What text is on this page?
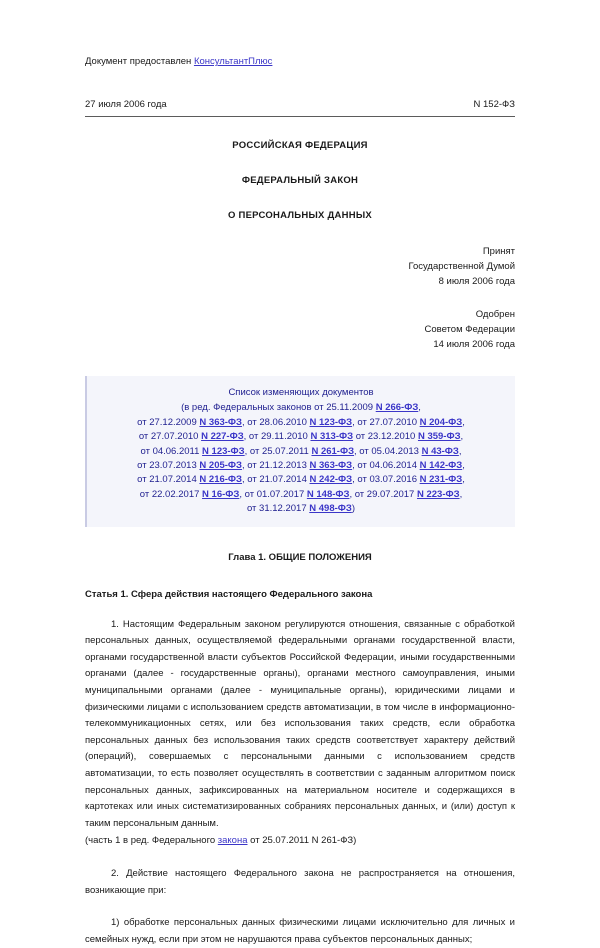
Документ предоставлен КонсультантПлюс
27 июля 2006 года	N 152-ФЗ
РОССИЙСКАЯ ФЕДЕРАЦИЯ
ФЕДЕРАЛЬНЫЙ ЗАКОН
О ПЕРСОНАЛЬНЫХ ДАННЫХ
Принят
Государственной Думой
8 июля 2006 года
Одобрен
Советом Федерации
14 июля 2006 года
Список изменяющих документов
(в ред. Федеральных законов от 25.11.2009 N 266-ФЗ,
от 27.12.2009 N 363-ФЗ, от 28.06.2010 N 123-ФЗ, от 27.07.2010 N 204-ФЗ,
от 27.07.2010 N 227-ФЗ, от 29.11.2010 N 313-ФЗ от 23.12.2010 N 359-ФЗ,
от 04.06.2011 N 123-ФЗ, от 25.07.2011 N 261-ФЗ, от 05.04.2013 N 43-ФЗ,
от 23.07.2013 N 205-ФЗ, от 21.12.2013 N 363-ФЗ, от 04.06.2014 N 142-ФЗ,
от 21.07.2014 N 216-ФЗ, от 21.07.2014 N 242-ФЗ, от 03.07.2016 N 231-ФЗ,
от 22.02.2017 N 16-ФЗ, от 01.07.2017 N 148-ФЗ, от 29.07.2017 N 223-ФЗ,
от 31.12.2017 N 498-ФЗ)
Глава 1. ОБЩИЕ ПОЛОЖЕНИЯ
Статья 1. Сфера действия настоящего Федерального закона
1. Настоящим Федеральным законом регулируются отношения, связанные с обработкой персональных данных, осуществляемой федеральными органами государственной власти, органами государственной власти субъектов Российской Федерации, иными государственными органами (далее - государственные органы), органами местного самоуправления, иными муниципальными органами (далее - муниципальные органы), юридическими лицами и физическими лицами с использованием средств автоматизации, в том числе в информационно-телекоммуникационных сетях, или без использования таких средств, если обработка персональных данных без использования таких средств соответствует характеру действий (операций), совершаемых с персональными данными с использованием средств автоматизации, то есть позволяет осуществлять в соответствии с заданным алгоритмом поиск персональных данных, зафиксированных на материальном носителе и содержащихся в картотеках или иных систематизированных собраниях персональных данных, и (или) доступ к таким персональным данным.
(часть 1 в ред. Федерального закона от 25.07.2011 N 261-ФЗ)
2. Действие настоящего Федерального закона не распространяется на отношения, возникающие при:
1) обработке персональных данных физическими лицами исключительно для личных и семейных нужд, если при этом не нарушаются права субъектов персональных данных;
